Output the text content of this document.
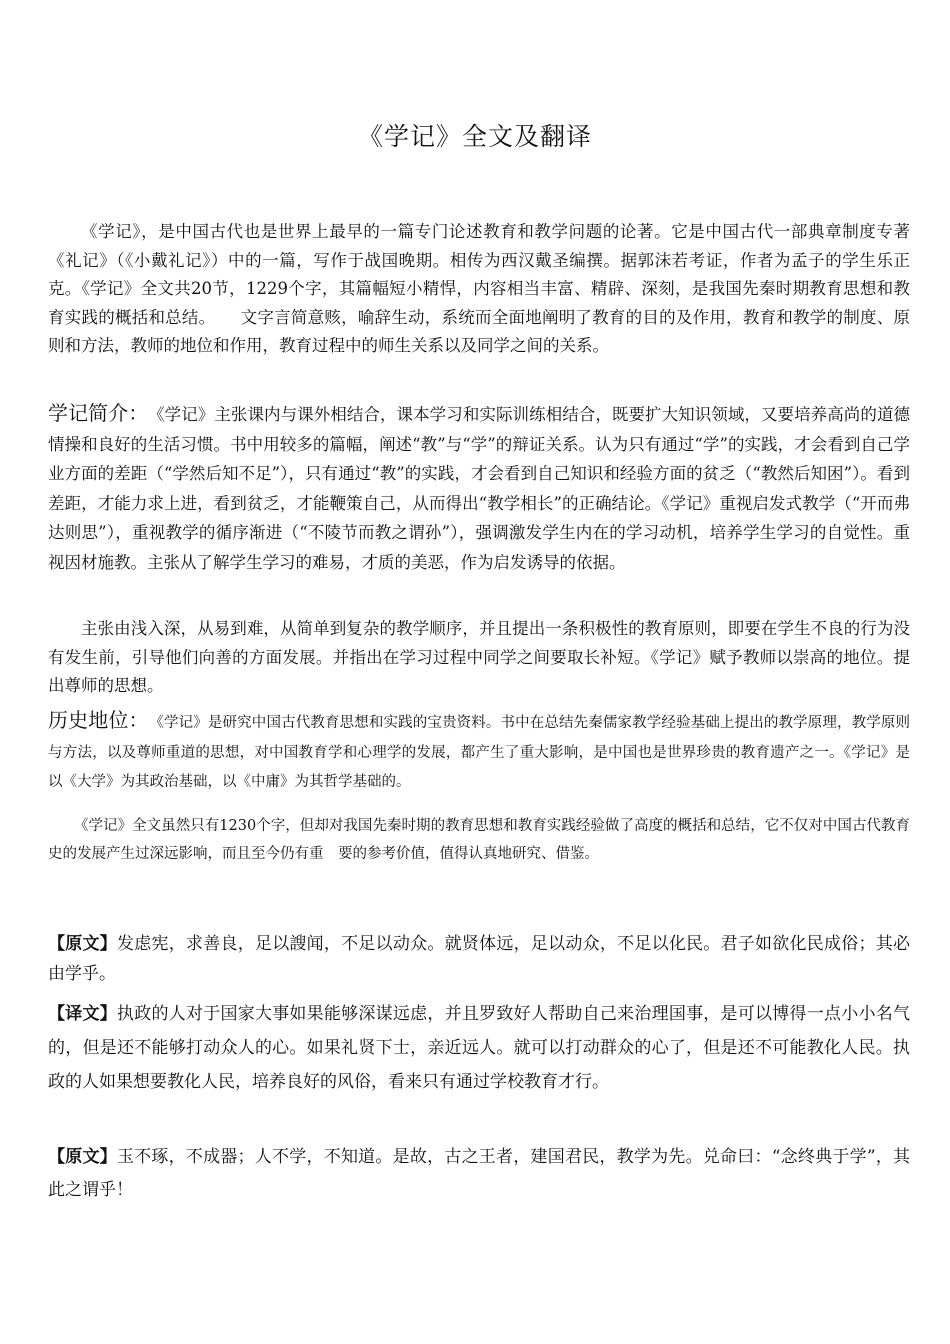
《学记》全文及翻译

《学记》，是中国古代也是世界上最早的一篇专门论述教育和教学问题的论著。它是中国古代一部典章制度专著《礼记》（《小戴礼记》）中的一篇，写作于战国晚期。相传为西汉戴圣编撰。据郭沫若考证，作者为孟子的学生乐正克。《学记》全文共20节，1229个字，其篇幅短小精悍，内容相当丰富、精辟、深刻，是我国先秦时期教育思想和教育实践的概括和总结。　　文字言简意赅，喻辞生动，系统而全面地阐明了教育的目的及作用，教育和教学的制度、原则和方法，教师的地位和作用，教育过程中的师生关系以及同学之间的关系。

学记简介： 《学记》主张课内与课外相结合，课本学习和实际训练相结合，既要扩大知识领域，又要培养高尚的道德情操和良好的生活习惯。书中用较多的篇幅，阐述“教”与“学”的辩证关系。认为只有通过“学”的实践，才会看到自己学业方面的差距（“学然后知不足”），只有通过“教”的实践，才会看到自己知识和经验方面的贫乏（“教然后知困”）。看到差距，才能力求上进，看到贫乏，才能鞭策自己，从而得出“教学相长”的正确结论。《学记》重视启发式教学（“开而弗达则思”），重视教学的循序渐进（“不陵节而教之谓孙”），强调激发学生内在的学习动机，培养学生学习的自觉性。重视因材施教。主张从了解学生学习的难易，才质的美恶，作为启发诱导的依据。

主张由浅入深，从易到难，从简单到复杂的教学顺序，并且提出一条积极性的教育原则，即要在学生不良的行为没有发生前，引导他们向善的方面发展。并指出在学习过程中同学之间要取长补短。《学记》赋予教师以崇高的地位。提出尊师的思想。

历史地位： 《学记》是研究中国古代教育思想和实践的宝贵资料。书中在总结先秦儒家教学经验基础上提出的教学原理，教学原则与方法，以及尊师重道的思想，对中国教育学和心理学的发展，都产生了重大影响，是中国也是世界珍贵的教育遗产之一。《学记》是以《大学》为其政治基础，以《中庸》为其哲学基础的。

《学记》全文虽然只有1230个字，但却对我国先秦时期的教育思想和教育实践经验做了高度的概括和总结，它不仅对中国古代教育史的发展产生过深远影响，而且至今仍有重　要的参考价值，值得认真地研究、借鉴。

【原文】发虑宪，求善良，足以謏闻，不足以动众。就贤体远，足以动众，不足以化民。君子如欲化民成俗；其必由学乎。

【译文】执政的人对于国家大事如果能够深谋远虑，并且罗致好人帮助自己来治理国事，是可以博得一点小小名气的，但是还不能够打动众人的心。如果礼贤下士，亲近远人。就可以打动群众的心了，但是还不可能教化人民。执政的人如果想要教化人民，培养良好的风俗，看来只有通过学校教育才行。

【原文】玉不琢，不成器；人不学，不知道。是故，古之王者，建国君民，教学为先。兑命曰：“念终典于学”，其此之谓乎！
